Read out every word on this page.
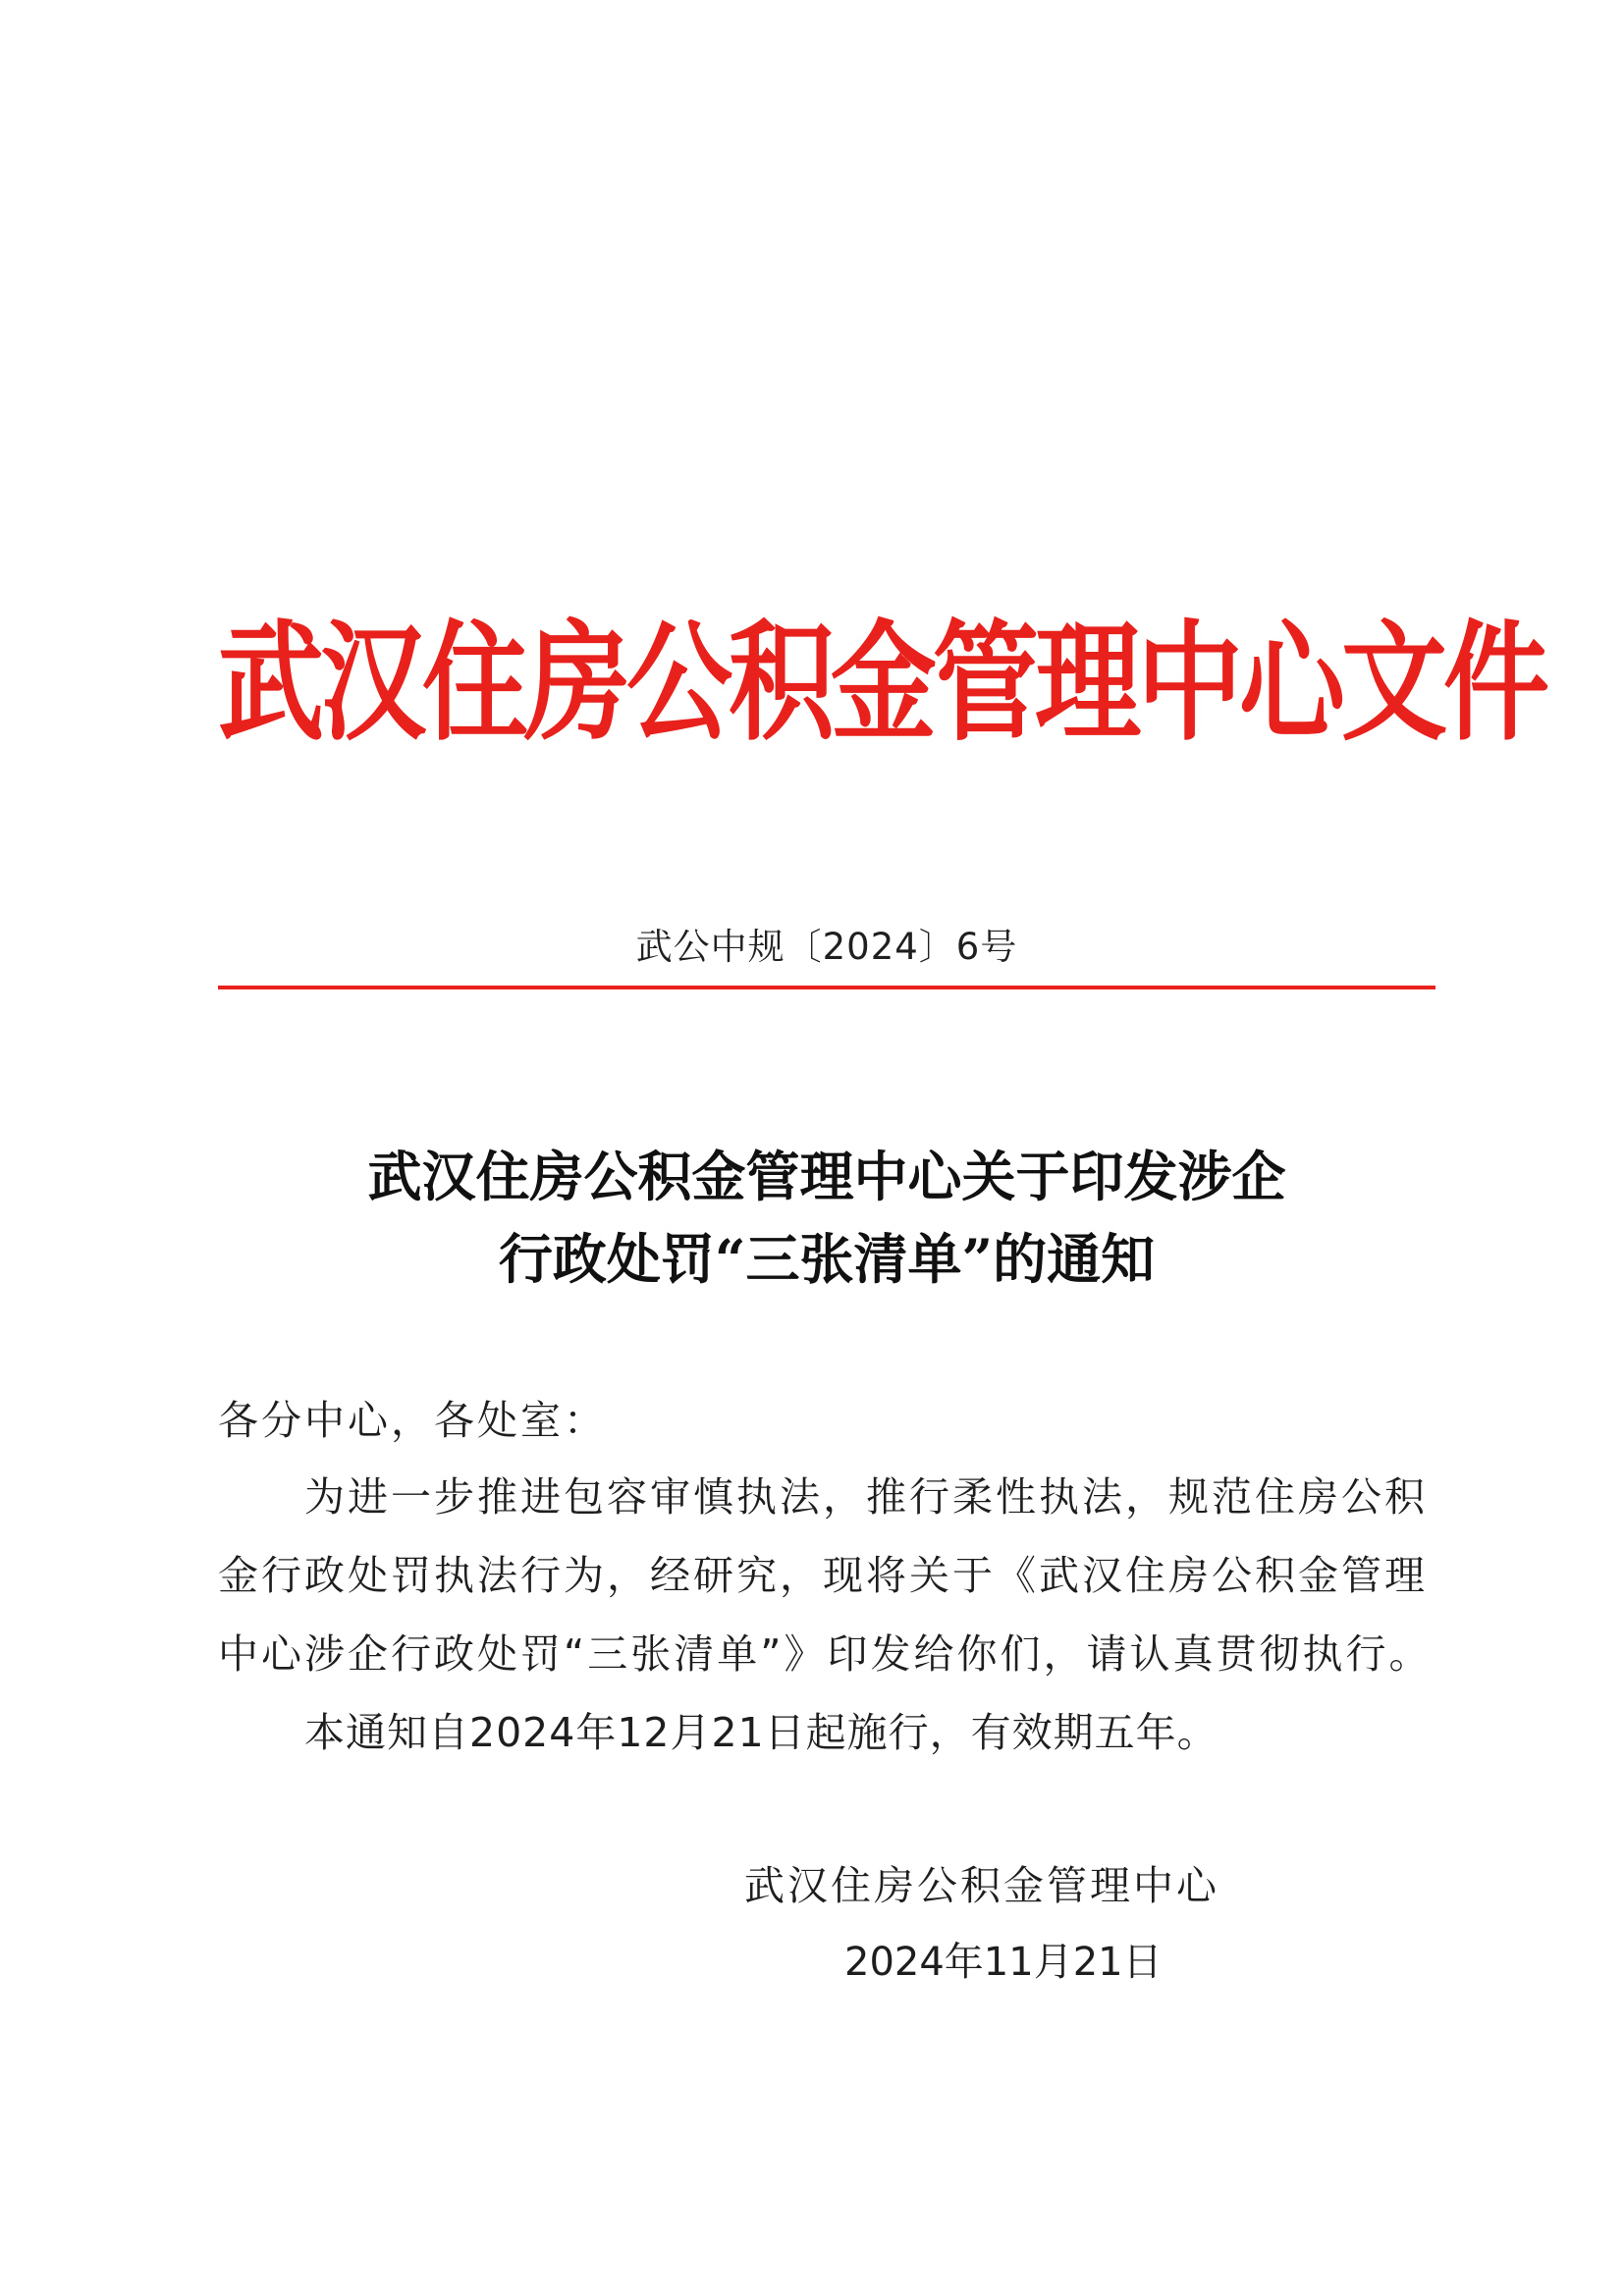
武汉住房公积金管理中心文件
武公中规〔2024〕6号
武汉住房公积金管理中心关于印发涉企
行政处罚“三张清单”的通知
各分中心，各处室：
为进一步推进包容审慎执法，推行柔性执法，规范住房公积
金行政处罚执法行为，经研究，现将关于《武汉住房公积金管理
中心涉企行政处罚“三张清单”》印发给你们，请认真贯彻执行。
本通知自2024年12月21日起施行，有效期五年。
武汉住房公积金管理中心
2024年11月21日
